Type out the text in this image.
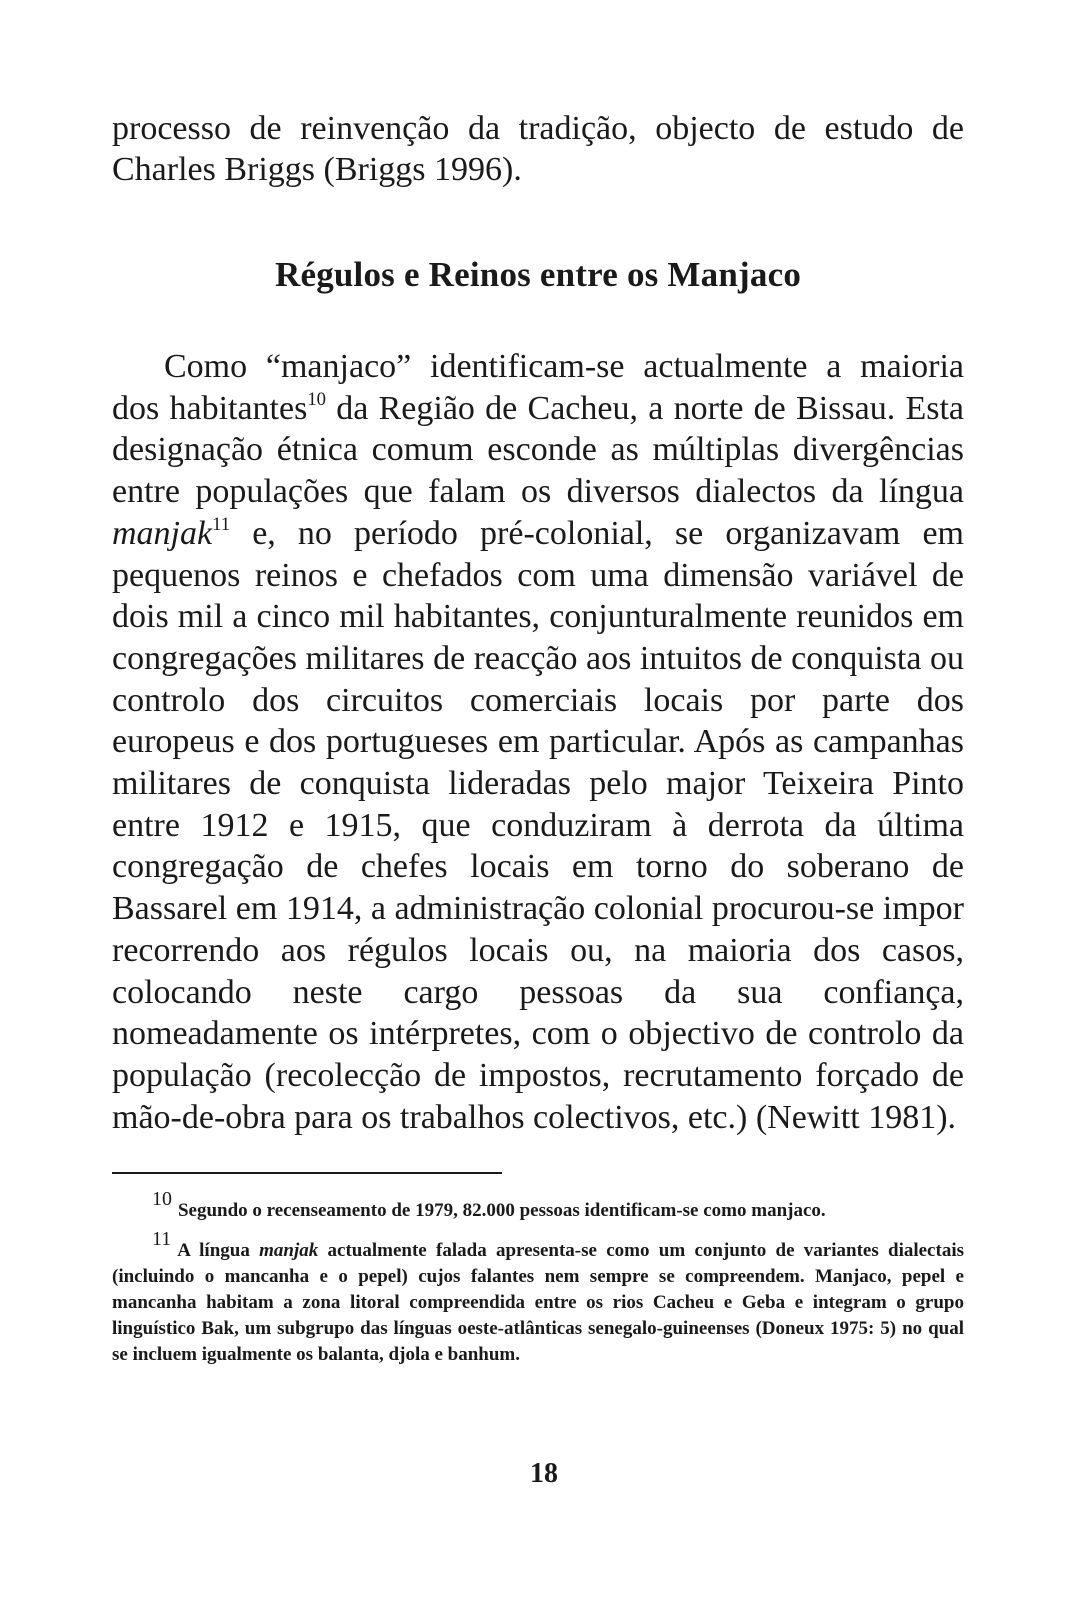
processo de reinvenção da tradição, objecto de estudo de Charles Briggs (Briggs 1996).

Régulos e Reinos entre os Manjaco

Como “manjaco” identificam-se actualmente a maioria dos habitantes$^{10}$ da Região de Cacheu, a norte de Bissau. Esta designação étnica comum esconde as múltiplas divergências entre populações que falam os diversos dialectos da língua manjak$^{11}$ e, no período pré-colonial, se organizavam em pequenos reinos e chefados com uma dimensão variável de dois mil a cinco mil habitantes, conjunturalmente reunidos em congregações militares de reacção aos intuitos de conquista ou controlo dos circuitos comerciais locais por parte dos europeus e dos portugueses em particular. Após as campanhas militares de conquista lideradas pelo major Teixeira Pinto entre 1912 e 1915, que conduziram à derrota da última congregação de chefes locais em torno do soberano de Bassarel em 1914, a administração colonial procurou-se impor recorrendo aos régulos locais ou, na maioria dos casos, colocando neste cargo pessoas da sua confiança, nomeadamente os intérpretes, com o objectivo de controlo da população (recolecção de impostos, recrutamento forçado de mão-de-obra para os trabalhos colectivos, etc.) (Newitt 1981).

$^{10}$Segundo o recenseamento de 1979, 82.000 pessoas identificam-se como manjaco.

$^{11}$A língua manjak actualmente falada apresenta-se como um conjunto de variantes dialectais (incluindo o mancanha e o pepel) cujos falantes nem sempre se compreendem. Manjaco, pepel e mancanha habitam a zona litoral compreendida entre os rios Cacheu e Geba e integram o grupo linguístico Bak, um subgrupo das línguas oeste-atlânticas senegalo-guineenses (Doneux 1975: 5) no qual se incluem igualmente os balanta, djola e banhum.

18
